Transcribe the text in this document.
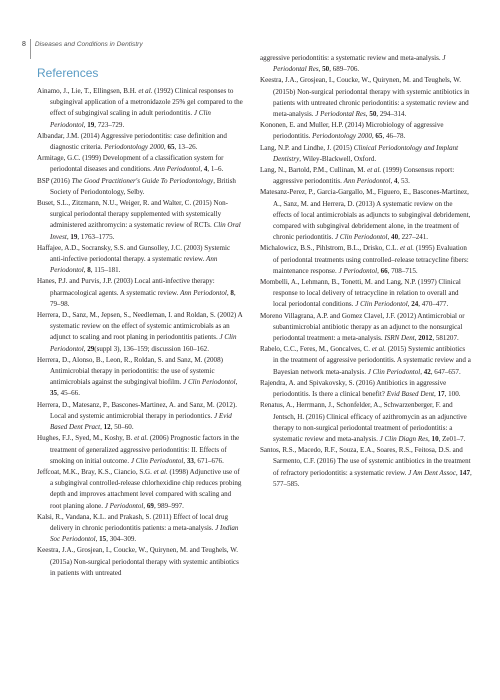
8 Diseases and Conditions in Dentistry
References
Ainamo, J., Lie, T., Ellingsen, B.H. et al. (1992) Clinical responses to subgingival application of a metronidazole 25% gel compared to the effect of subgingival scaling in adult periodontitis. J Clin Periodontol, 19, 723–729.
Albandar, J.M. (2014) Aggressive periodontitis: case definition and diagnostic criteria. Periodontology 2000, 65, 13–26.
Armitage, G.C. (1999) Development of a classification system for periodontal diseases and conditions. Ann Periodontol, 4, 1–6.
BSP (2016) The Good Practitioner's Guide To Periodontology, British Society of Periodontology, Selby.
Buset, S.L., Zitzmann, N.U., Weiger, R. and Walter, C. (2015) Non-surgical periodontal therapy supplemented with systemically administered azithromycin: a systematic review of RCTs. Clin Oral Invest, 19, 1763–1775.
Haffajee, A.D., Socransky, S.S. and Gunsolley, J.C. (2003) Systemic anti-infective periodontal therapy. a systematic review. Ann Periodontol, 8, 115–181.
Hanes, P.J. and Purvis, J.P. (2003) Local anti-infective therapy: pharmacological agents. A systematic review. Ann Periodontol, 8, 79–98.
Herrera, D., Sanz, M., Jepsen, S., Needleman, I. and Roldan, S. (2002) A systematic review on the effect of systemic antimicrobials as an adjunct to scaling and root planing in periodontitis patients. J Clin Periodontol, 29(suppl 3), 136–159; discussion 160–162.
Herrera, D., Alonso, B., Leon, R., Roldan, S. and Sanz, M. (2008) Antimicrobial therapy in periodontitis: the use of systemic antimicrobials against the subgingival biofilm. J Clin Periodontol, 35, 45–66.
Herrera, D., Matesanz, P., Bascones-Martinez, A. and Sanz, M. (2012). Local and systemic antimicrobial therapy in periodontics. J Evid Based Dent Pract, 12, 50–60.
Hughes, F.J., Syed, M., Koshy, B. et al. (2006) Prognostic factors in the treatment of generalized aggressive periodontitis: II. Effects of smoking on initial outcome. J Clin Periodontol, 33, 671–676.
Jeffcoat, M.K., Bray, K.S., Ciancio, S.G. et al. (1998) Adjunctive use of a subgingival controlled-release chlorhexidine chip reduces probing depth and improves attachment level compared with scaling and root planing alone. J Periodontol, 69, 989–997.
Kalsi, R., Vandana, K.L. and Prakash, S. (2011) Effect of local drug delivery in chronic periodontitis patients: a meta-analysis. J Indian Soc Periodontol, 15, 304–309.
Keestra, J.A., Grosjean, I., Coucke, W., Quirynen, M. and Teughels, W. (2015a) Non-surgical periodontal therapy with systemic antibiotics in patients with untreated
aggressive periodontitis: a systematic review and meta-analysis. J Periodontal Res, 50, 689–706.
Keestra, J.A., Grosjean, I., Coucke, W., Quirynen, M. and Teughels, W. (2015b) Non-surgical periodontal therapy with systemic antibiotics in patients with untreated chronic periodontitis: a systematic review and meta-analysis. J Periodontal Res, 50, 294–314.
Kononen, E. and Muller, H.P. (2014) Microbiology of aggressive periodontitis. Periodontology 2000, 65, 46–78.
Lang, N.P. and Lindhe, J. (2015) Clinical Periodontology and Implant Dentistry, Wiley-Blackwell, Oxford.
Lang, N., Bartold, P.M., Cullinan, M. et al. (1999) Consensus report: aggressive periodontitis. Ann Periodontol, 4, 53.
Matesanz-Perez, P., Garcia-Gargallo, M., Figuero, E., Bascones-Martinez, A., Sanz, M. and Herrera, D. (2013) A systematic review on the effects of local antimicrobials as adjuncts to subgingival debridement, compared with subgingival debridement alone, in the treatment of chronic periodontitis. J Clin Periodontol, 40, 227–241.
Michalowicz, B.S., Pihlstrom, B.L., Drisko, C.L. et al. (1995) Evaluation of periodontal treatments using controlled–release tetracycline fibers: maintenance response. J Periodontol, 66, 708–715.
Mombelli, A., Lehmann, B., Tonetti, M. and Lang, N.P. (1997) Clinical response to local delivery of tetracycline in relation to overall and local periodontal conditions. J Clin Periodontol, 24, 470–477.
Moreno Villagrana, A.P. and Gomez Clavel, J.F. (2012) Antimicrobial or subantimicrobial antibiotic therapy as an adjunct to the nonsurgical periodontal treatment: a meta-analysis. ISRN Dent, 2012, 581207.
Rabelo, C.C., Feres, M., Goncalves, C. et al. (2015) Systemic antibiotics in the treatment of aggressive periodontitis. A systematic review and a Bayesian network meta-analysis. J Clin Periodontol, 42, 647–657.
Rajendra, A. and Spivakovsky, S. (2016) Antibiotics in aggressive periodontitis. Is there a clinical benefit? Evid Based Dent, 17, 100.
Renatus, A., Herrmann, J., Schonfelder, A., Schwarzenberger, F. and Jentsch, H. (2016) Clinical efficacy of azithromycin as an adjunctive therapy to non-surgical periodontal treatment of periodontitis: a systematic review and meta-analysis. J Clin Diagn Res, 10, Ze01–7.
Santos, R.S., Macedo, R.F., Souza, E.A., Soares, R.S., Feitosa, D.S. and Sarmento, C.F. (2016) The use of systemic antibiotics in the treatment of refractory periodontitis: a systematic review. J Am Dent Assoc, 147, 577–585.
